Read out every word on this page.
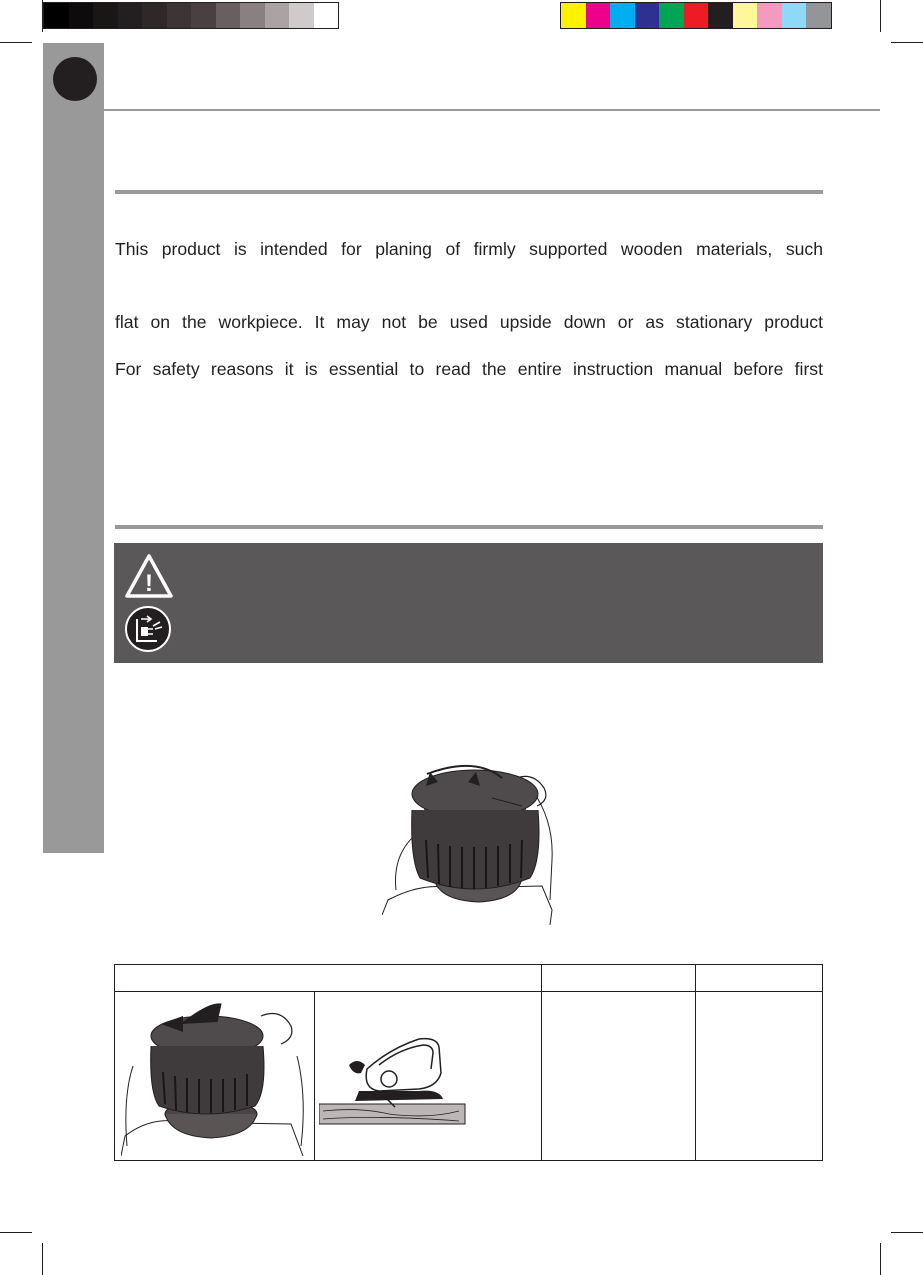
This product is intended for planing of firmly supported wooden materials, such
flat on the workpiece. It may not be used upside down or as stationary product
For safety reasons it is essential to read the entire instruction manual before first
!
